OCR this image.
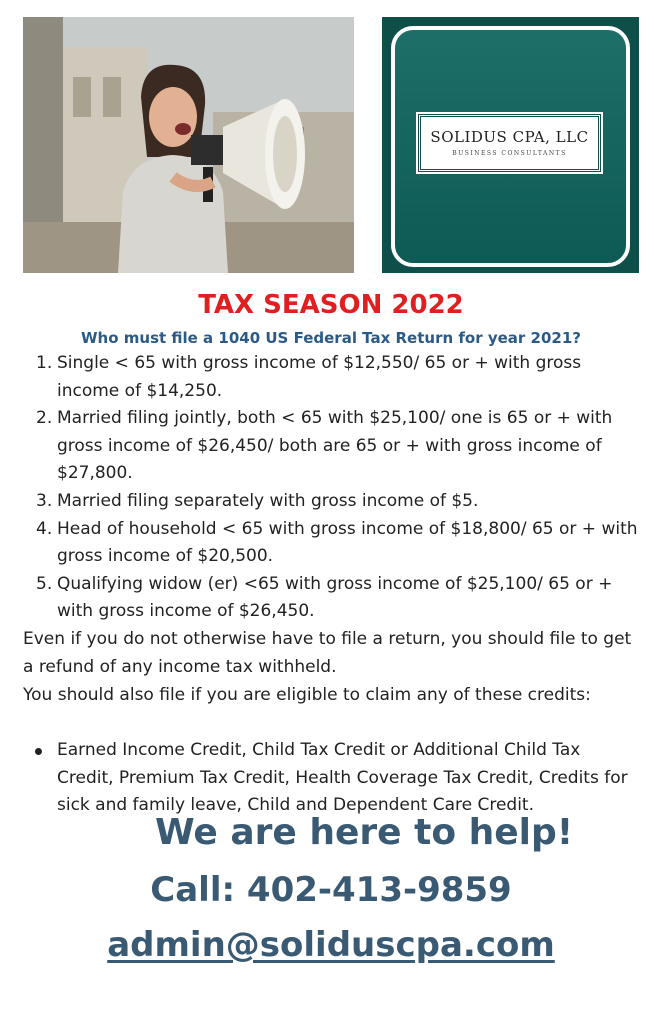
SOLIDUS CPA, LLC
BUSINESS CONSULTANTS
TAX SEASON 2022
Who must file a 1040 US Federal Tax Return for year 2021?
1. Single < 65 with gross income of $12,550/ 65 or + with gross income of $14,250.
2. Married filing jointly, both < 65 with $25,100/ one is 65 or + with gross income of $26,450/ both are 65 or + with gross income of $27,800.
3. Married filing separately with gross income of $5.
4. Head of household < 65 with gross income of $18,800/ 65 or + with gross income of $20,500.
5. Qualifying widow (er) <65 with gross income of $25,100/ 65 or + with gross income of $26,450.
Even if you do not otherwise have to file a return, you should file to get a refund of any income tax withheld.
You should also file if you are eligible to claim any of these credits:
Earned Income Credit, Child Tax Credit or Additional Child Tax Credit, Premium Tax Credit, Health Coverage Tax Credit, Credits for sick and family leave, Child and Dependent Care Credit.
We are here to help!
Call: 402-413-9859
admin@soliduscpa.com
